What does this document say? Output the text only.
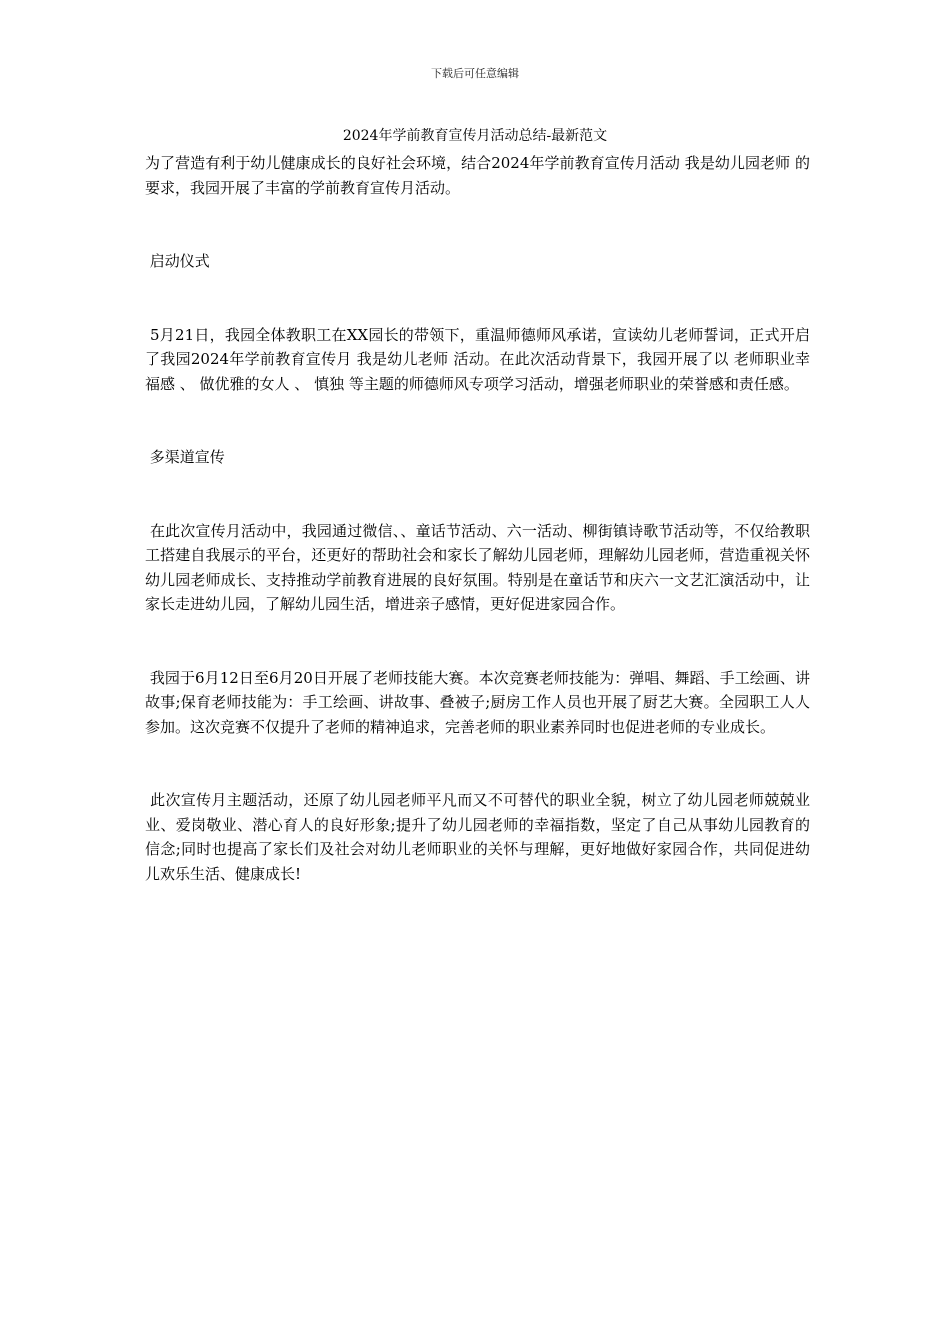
下载后可任意编辑
2024年学前教育宣传月活动总结-最新范文

为了营造有利于幼儿健康成长的良好社会环境，结合2024年学前教育宣传月活动 我是幼儿园老师 的要求，我园开展了丰富的学前教育宣传月活动。

启动仪式

5月21日，我园全体教职工在XX园长的带领下，重温师德师风承诺，宣读幼儿老师誓词，正式开启了我园2024年学前教育宣传月 我是幼儿老师 活动。在此次活动背景下，我园开展了以 老师职业幸福感 、 做优雅的女人 、 慎独 等主题的师德师风专项学习活动，增强老师职业的荣誉感和责任感。

多渠道宣传

在此次宣传月活动中，我园通过微信、、童话节活动、六一活动、柳街镇诗歌节活动等，不仅给教职工搭建自我展示的平台，还更好的帮助社会和家长了解幼儿园老师，理解幼儿园老师，营造重视关怀幼儿园老师成长、支持推动学前教育进展的良好氛围。特别是在童话节和庆六一文艺汇演活动中，让家长走进幼儿园，了解幼儿园生活，增进亲子感情，更好促进家园合作。

我园于6月12日至6月20日开展了老师技能大赛。本次竞赛老师技能为：弹唱、舞蹈、手工绘画、讲故事;保育老师技能为：手工绘画、讲故事、叠被子;厨房工作人员也开展了厨艺大赛。全园职工人人参加。这次竞赛不仅提升了老师的精神追求，完善老师的职业素养同时也促进老师的专业成长。

此次宣传月主题活动，还原了幼儿园老师平凡而又不可替代的职业全貌，树立了幼儿园老师兢兢业业、爱岗敬业、潜心育人的良好形象;提升了幼儿园老师的幸福指数，坚定了自己从事幼儿园教育的信念;同时也提高了家长们及社会对幼儿老师职业的关怀与理解，更好地做好家园合作，共同促进幼儿欢乐生活、健康成长!
